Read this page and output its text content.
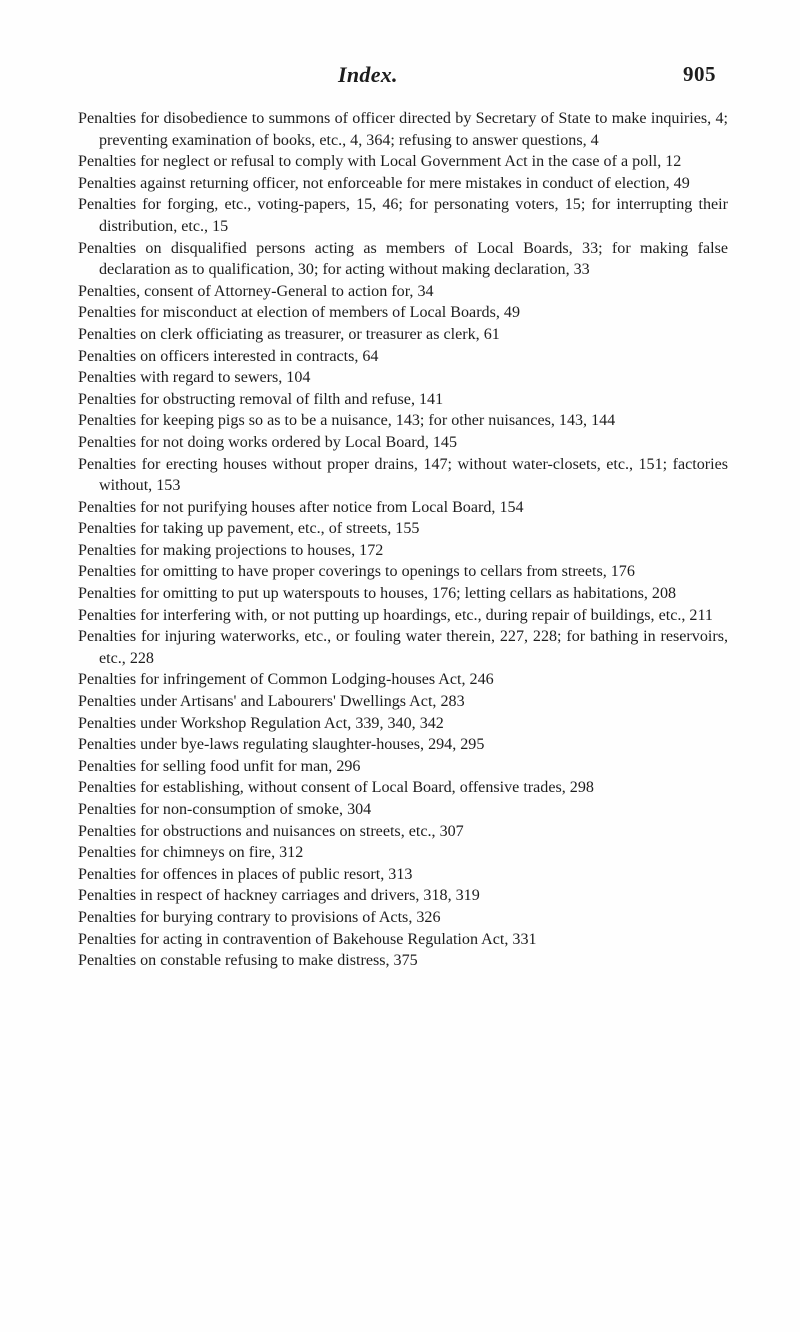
Index.	905
Penalties for disobedience to summons of officer directed by Secretary of State to make inquiries, 4; preventing examination of books, etc., 4, 364; refusing to answer questions, 4
Penalties for neglect or refusal to comply with Local Government Act in the case of a poll, 12
Penalties against returning officer, not enforceable for mere mistakes in conduct of election, 49
Penalties for forging, etc., voting-papers, 15, 46; for personating voters, 15; for interrupting their distribution, etc., 15
Penalties on disqualified persons acting as members of Local Boards, 33; for making false declaration as to qualification, 30; for acting without making declaration, 33
Penalties, consent of Attorney-General to action for, 34
Penalties for misconduct at election of members of Local Boards, 49
Penalties on clerk officiating as treasurer, or treasurer as clerk, 61
Penalties on officers interested in contracts, 64
Penalties with regard to sewers, 104
Penalties for obstructing removal of filth and refuse, 141
Penalties for keeping pigs so as to be a nuisance, 143; for other nuisances, 143, 144
Penalties for not doing works ordered by Local Board, 145
Penalties for erecting houses without proper drains, 147; without water-closets, etc., 151; factories without, 153
Penalties for not purifying houses after notice from Local Board, 154
Penalties for taking up pavement, etc., of streets, 155
Penalties for making projections to houses, 172
Penalties for omitting to have proper coverings to openings to cellars from streets, 176
Penalties for omitting to put up waterspouts to houses, 176; letting cellars as habitations, 208
Penalties for interfering with, or not putting up hoardings, etc., during repair of buildings, etc., 211
Penalties for injuring waterworks, etc., or fouling water therein, 227, 228; for bathing in reservoirs, etc., 228
Penalties for infringement of Common Lodging-houses Act, 246
Penalties under Artisans' and Labourers' Dwellings Act, 283
Penalties under Workshop Regulation Act, 339, 340, 342
Penalties under bye-laws regulating slaughter-houses, 294, 295
Penalties for selling food unfit for man, 296
Penalties for establishing, without consent of Local Board, offensive trades, 298
Penalties for non-consumption of smoke, 304
Penalties for obstructions and nuisances on streets, etc., 307
Penalties for chimneys on fire, 312
Penalties for offences in places of public resort, 313
Penalties in respect of hackney carriages and drivers, 318, 319
Penalties for burying contrary to provisions of Acts, 326
Penalties for acting in contravention of Bakehouse Regulation Act, 331
Penalties on constable refusing to make distress, 375
